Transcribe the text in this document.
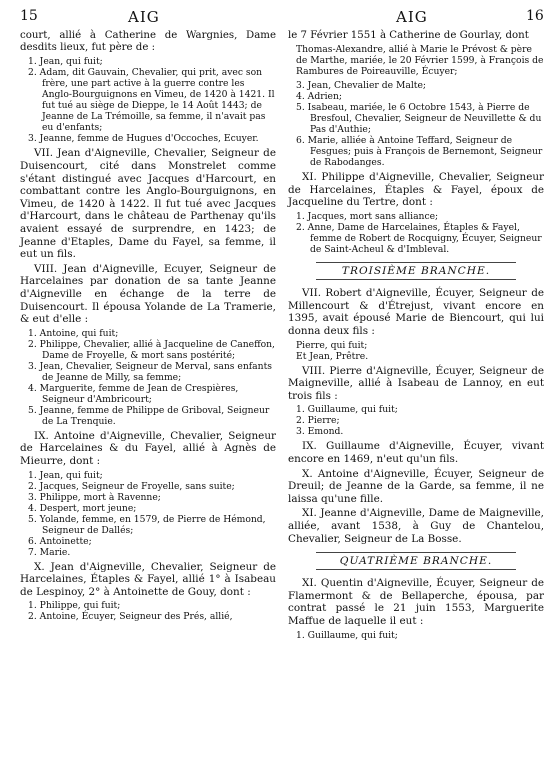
15	AIG	AIG	16

court, allié à Catherine de Wargnies, Dame desdits lieux, fut père de :

1. Jean, qui fuit;
2. Adam, dit Gauvain, Chevalier, qui prit, avec son frère, une part active à la guerre contre les Anglo-Bourguignons en Vimeu, de 1420 à 1421. Il fut tué au siège de Dieppe, le 14 Août 1443; de Jeanne de La Trémoille, sa femme, il n'avait pas eu d'enfants;
3. Jeanne, femme de Hugues d'Occoches, Ecuyer.

VII. Jean d'Aigneville, Chevalier, Seigneur de Duisencourt, cité dans Monstrelet comme s'étant distingué avec Jacques d'Harcourt, en combattant contre les Anglo-Bourguignons, en Vimeu, de 1420 à 1422. Il fut tué avec Jacques d'Harcourt, dans le château de Parthenay qu'ils avaient essayé de surprendre, en 1423; de Jeanne d'Etaples, Dame du Fayel, sa femme, il eut un fils.

VIII. Jean d'Aigneville, Ecuyer, Seigneur de Harcelaines par donation de sa tante Jeanne d'Aigneville en échange de la terre de Duisencourt. Il épousa Yolande de La Tramerie, & eut d'elle :

1. Antoine, qui fuit;
2. Philippe, Chevalier, allié à Jacqueline de Caneffon, Dame de Froyelle, & mort sans postérité;
3. Jean, Chevalier, Seigneur de Merval, sans enfants de Jeanne de Milly, sa femme;
4. Marguerite, femme de Jean de Crespières, Seigneur d'Ambricourt;
5. Jeanne, femme de Philippe de Griboval, Seigneur de La Trenquie.

IX. Antoine d'Aigneville, Chevalier, Seigneur de Harcelaines & du Fayel, allié à Agnès de Mieurre, dont :

1. Jean, qui fuit;
2. Jacques, Seigneur de Froyelle, sans suite;
3. Philippe, mort à Ravenne;
4. Despert, mort jeune;
5. Yolande, femme, en 1579, de Pierre de Hémond, Seigneur de Dallés;
6. Antoinette;
7. Marie.

X. Jean d'Aigneville, Chevalier, Seigneur de Harcelaines, Étaples & Fayel, allié 1° à Isabeau de Lespinoy, 2° à Antoinette de Gouy, dont :

1. Philippe, qui fuit;
2. Antoine, Écuyer, Seigneur des Prés, allié,

le 7 Février 1551 à Catherine de Gourlay, dont

Thomas-Alexandre, allié à Marie le Prévost & père de Marthe, mariée, le 20 Février 1599, à François de Rambures de Poireauville, Écuyer;
3. Jean, Chevalier de Malte;
4. Adrien;
5. Isabeau, mariée, le 6 Octobre 1543, à Pierre de Bresfoul, Chevalier, Seigneur de Neuvillette & du Pas d'Authie;
6. Marie, alliée à Antoine Teffard, Seigneur de Fesgues; puis à François de Bernemont, Seigneur de Rabodanges.

XI. Philippe d'Aigneville, Chevalier, Seigneur de Harcelaines, Étaples & Fayel, époux de Jacqueline du Tertre, dont :

1. Jacques, mort sans alliance;
2. Anne, Dame de Harcelaines, Étaples & Fayel, femme de Robert de Rocquigny, Écuyer, Seigneur de Saint-Acheul & d'Imbleval.
TROISIÈME BRANCHE.

VII. Robert d'Aigneville, Écuyer, Seigneur de Millencourt & d'Étrejust, vivant encore en 1395, avait épousé Marie de Biencourt, qui lui donna deux fils :

Pierre, qui fuit;
Et Jean, Prêtre.

VIII. Pierre d'Aigneville, Écuyer, Seigneur de Maigneville, allié à Isabeau de Lannoy, en eut trois fils :

1. Guillaume, qui fuit;
2. Pierre;
3. Emond.

IX. Guillaume d'Aigneville, Écuyer, vivant encore en 1469, n'eut qu'un fils.

X. Antoine d'Aigneville, Écuyer, Seigneur de Dreuil; de Jeanne de la Garde, sa femme, il ne laissa qu'une fille.

XI. Jeanne d'Aigneville, Dame de Maigneville, alliée, avant 1538, à Guy de Chantelou, Chevalier, Seigneur de La Bosse.

QUATRIÈME BRANCHE.

XI. Quentin d'Aigneville, Écuyer, Seigneur de Flamermont & de Bellaperche, épousa, par contrat passé le 21 juin 1553, Marguerite Maffue de laquelle il eut :

1. Guillaume, qui fuit;
